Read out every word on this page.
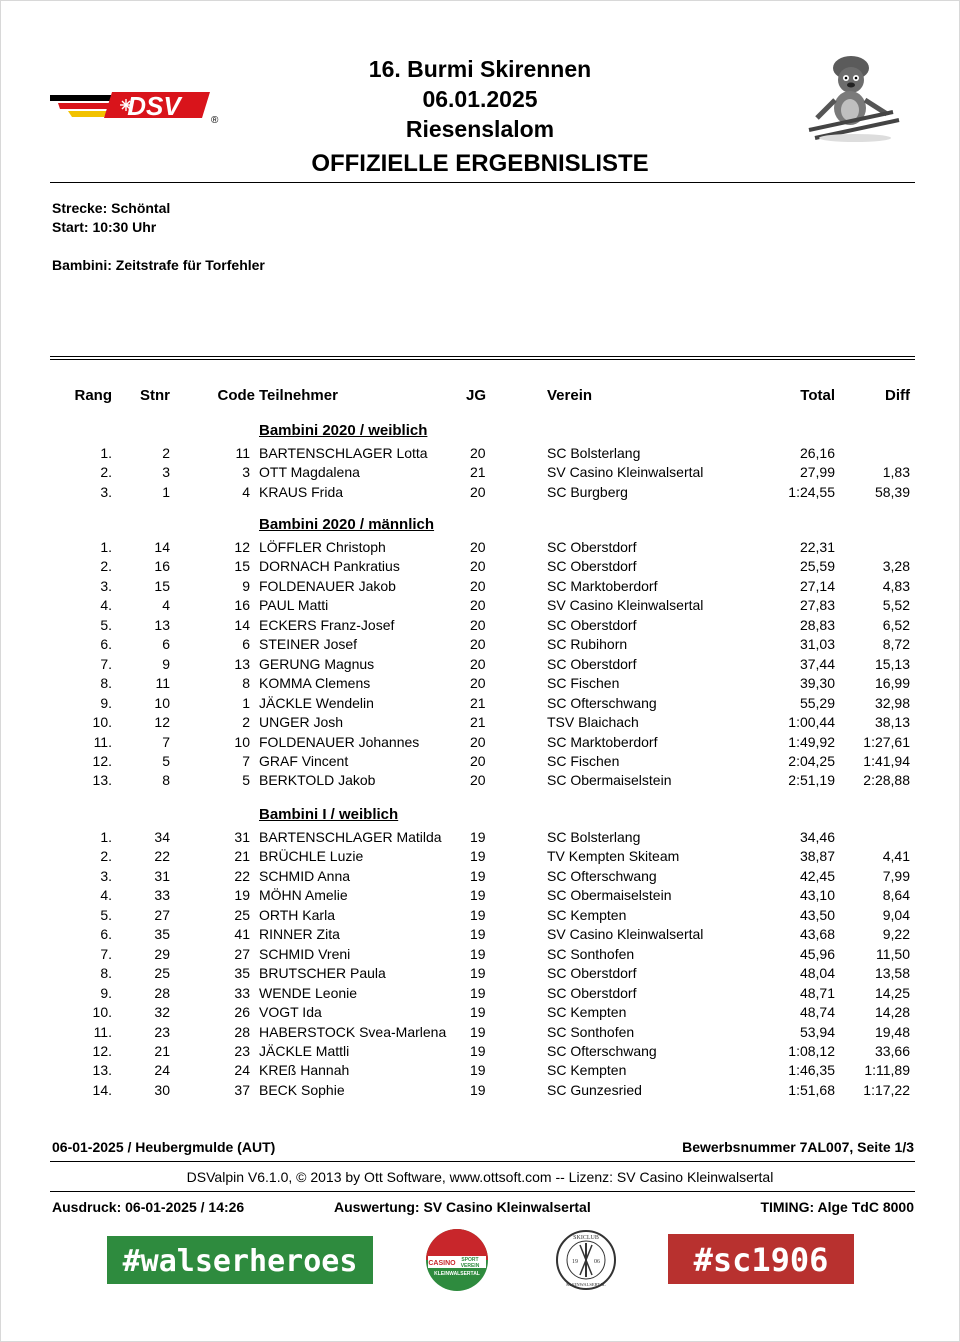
DSV	®
16. Burmi Skirennen
06.01.2025
Riesenslalom
OFFIZIELLE ERGEBNISLISTE
Strecke: Schöntal
Start: 10:30 Uhr
Bambini: Zeitstrafe für Torfehler
Rang Stnr	Code Teilnehmer	JG	Verein	Total	Diff
Bambini 2020 / weiblich
1.	2	11 BARTENSCHLAGER Lotta	20	SC Bolsterlang	26,16
2.	3	3 OTT Magdalena	21	SV Casino Kleinwalsertal	27,99	1,83
3.	1	4 KRAUS Frida	20	SC Burgberg	1:24,55	58,39
Bambini 2020 / männlich
1.	14	12 LÖFFLER Christoph	20	SC Oberstdorf	22,31
2.	16	15 DORNACH Pankratius	20	SC Oberstdorf	25,59	3,28
3.	15	9 FOLDENAUER Jakob	20	SC Marktoberdorf	27,14	4,83
4.	4	16 PAUL Matti	20	SV Casino Kleinwalsertal	27,83	5,52
5.	13	14 ECKERS Franz-Josef	20	SC Oberstdorf	28,83	6,52
6.	6	6 STEINER Josef	20	SC Rubihorn	31,03	8,72
7.	9	13 GERUNG Magnus	20	SC Oberstdorf	37,44	15,13
8.	11	8 KOMMA Clemens	20	SC Fischen	39,30	16,99
9.	10	1 JÄCKLE Wendelin	21	SC Ofterschwang	55,29	32,98
10.	12	2 UNGER Josh	21	TSV Blaichach	1:00,44	38,13
11.	7	10 FOLDENAUER Johannes	20	SC Marktoberdorf	1:49,92 1:27,61
12.	5	7 GRAF Vincent	20	SC Fischen	2:04,25 1:41,94
13.	8	5 BERKTOLD Jakob	20	SC Obermaiselstein	2:51,19 2:28,88
Bambini I / weiblich
1.	34	31 BARTENSCHLAGER Matilda 19	SC Bolsterlang	34,46
2.	22	21 BRÜCHLE Luzie	19	TV Kempten Skiteam	38,87	4,41
3.	31	22 SCHMID Anna	19	SC Ofterschwang	42,45	7,99
4.	33	19 MÖHN Amelie	19	SC Obermaiselstein	43,10	8,64
5.	27	25 ORTH Karla	19	SC Kempten	43,50	9,04
6.	35	41 RINNER Zita	19	SV Casino Kleinwalsertal	43,68	9,22
7.	29	27 SCHMID Vreni	19	SC Sonthofen	45,96	11,50
8.	25	35 BRUTSCHER Paula	19	SC Oberstdorf	48,04	13,58
9.	28	33 WENDE Leonie	19	SC Oberstdorf	48,71	14,25
10.	32	26 VOGT Ida	19	SC Kempten	48,74	14,28
11.	23	28 HABERSTOCK Svea-Marlena 19	SC Sonthofen	53,94	19,48
12.	21	23 JÄCKLE Mattli	19	SC Ofterschwang	1:08,12	33,66
13.	24	24 KREß Hannah	19	SC Kempten	1:46,35 1:11,89
14.	30	37 BECK Sophie	19	SC Gunzesried	1:51,68 1:17,22
06-01-2025 / Heubergmulde (AUT)	Bewerbsnummer 7AL007, Seite 1/3
DSValpin V6.1.0, © 2013 by Ott Software, www.ottsoft.com -- Lizenz: SV Casino Kleinwalsertal
Ausdruck: 06-01-2025 / 14:26	Auswertung: SV Casino Kleinwalsertal	TIMING: Alge TdC 8000
#walserheroes	CASINO SPORT
VEREIN
KLEINWALSERTAL
SKICLUB
19	06
KLEINWALSERTAL
#sc1906
